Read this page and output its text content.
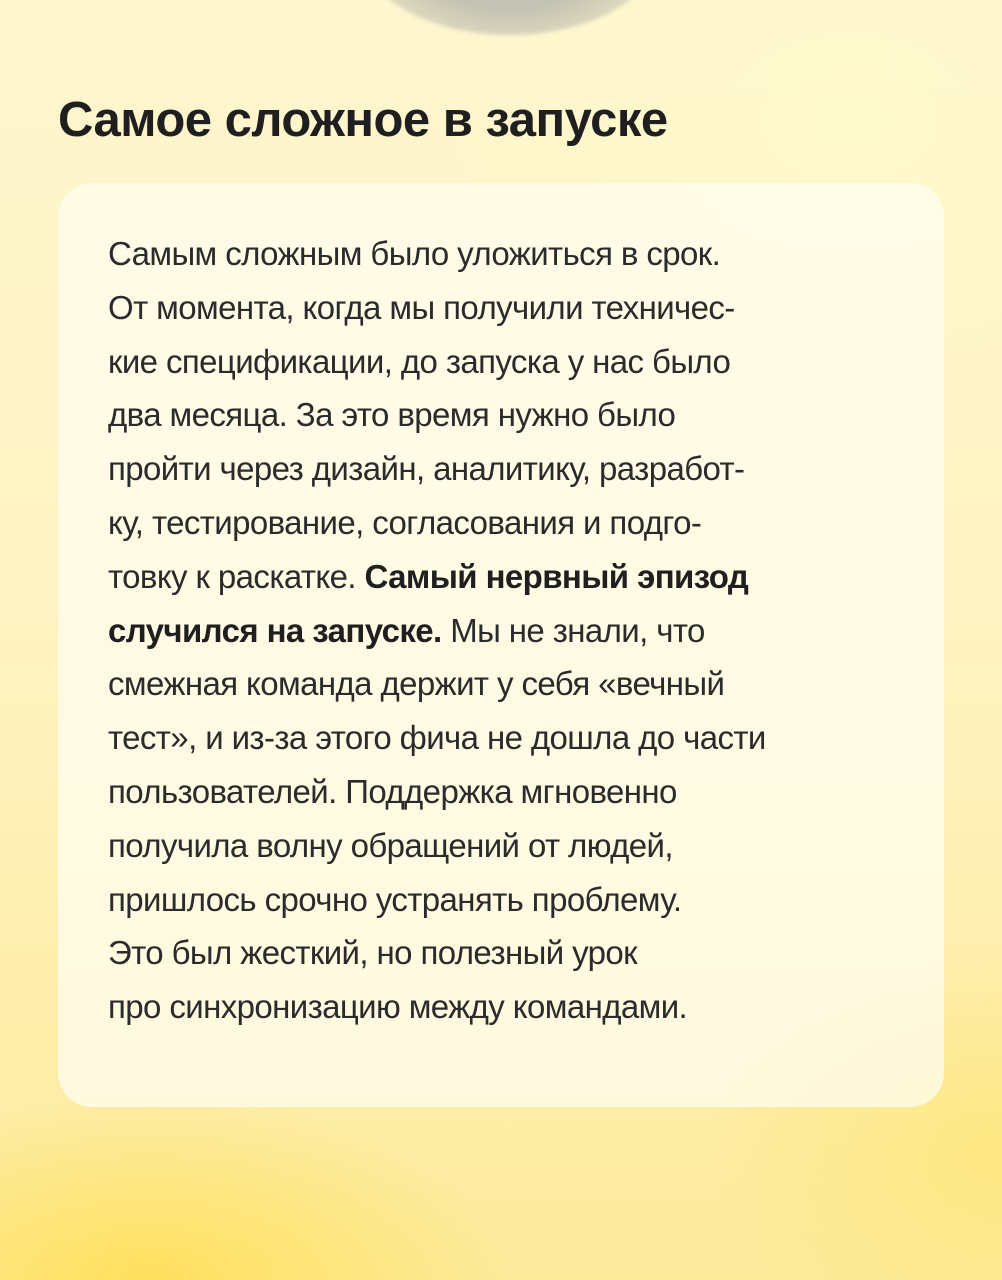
Самое сложное в запуске
Самым сложным было уложиться в срок.
От момента, когда мы получили техничес-
кие спецификации, до запуска у нас было
два месяца. За это время нужно было
пройти через дизайн, аналитику, разработ-
ку, тестирование, согласования и подго-
товку к раскатке. Самый нервный эпизод
случился на запуске. Мы не знали, что
смежная команда держит у себя «вечный
тест», и из-за этого фича не дошла до части
пользователей. Поддержка мгновенно
получила волну обращений от людей,
пришлось срочно устранять проблему.
Это был жесткий, но полезный урок
про синхронизацию между командами.
